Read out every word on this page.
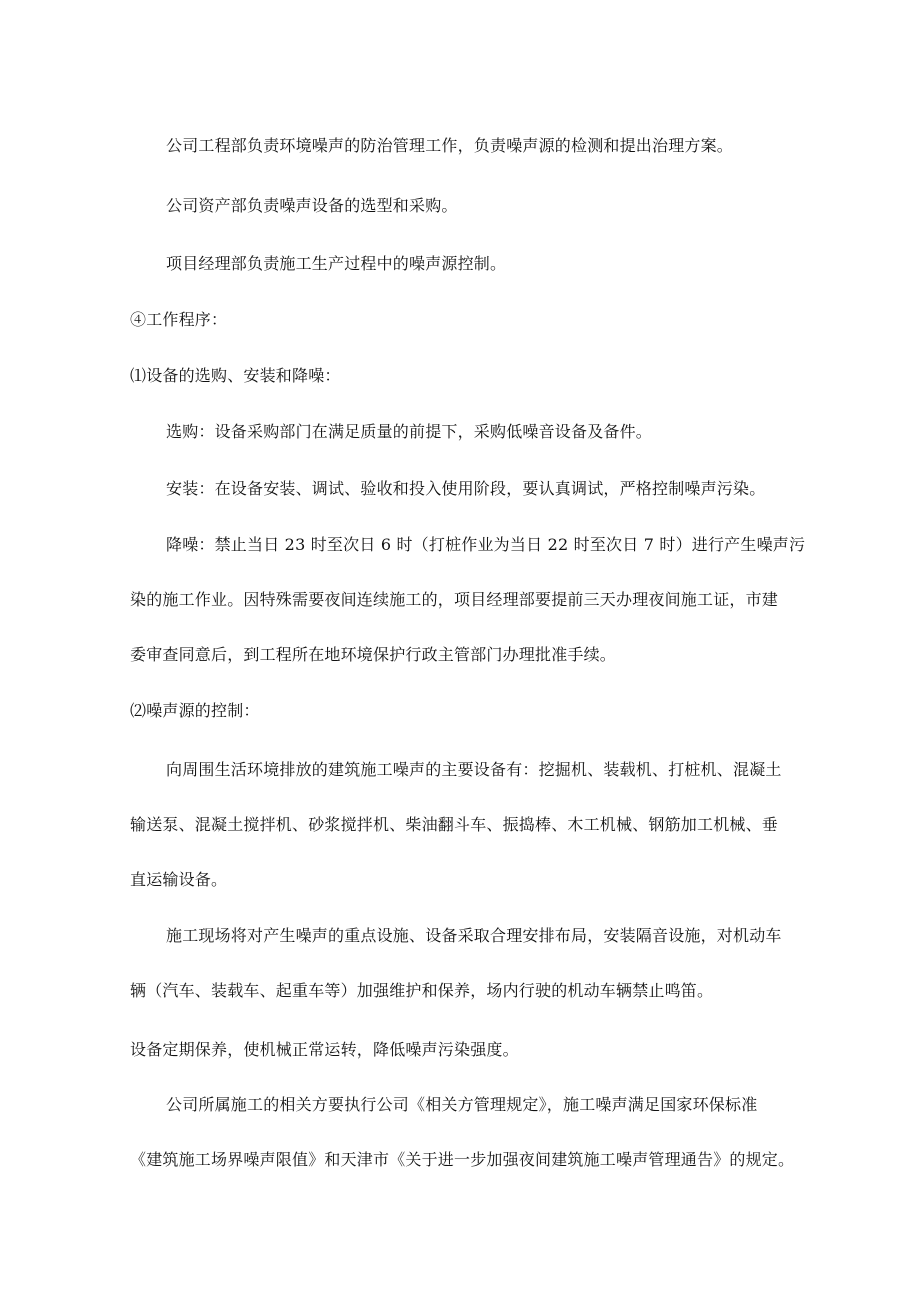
公司工程部负责环境噪声的防治管理工作，负责噪声源的检测和提出治理方案。
公司资产部负责噪声设备的选型和采购。
项目经理部负责施工生产过程中的噪声源控制。
④工作程序：
⑴设备的选购、安装和降噪：
选购：设备采购部门在满足质量的前提下，采购低噪音设备及备件。
安装：在设备安装、调试、验收和投入使用阶段，要认真调试，严格控制噪声污染。
降噪：禁止当日 23 时至次日 6 时（打桩作业为当日 22 时至次日 7 时）进行产生噪声污
染的施工作业。因特殊需要夜间连续施工的，项目经理部要提前三天办理夜间施工证，市建
委审查同意后，到工程所在地环境保护行政主管部门办理批准手续。
⑵噪声源的控制：
向周围生活环境排放的建筑施工噪声的主要设备有：挖掘机、装载机、打桩机、混凝土
输送泵、混凝土搅拌机、砂浆搅拌机、柴油翻斗车、振捣棒、木工机械、钢筋加工机械、垂
直运输设备。
施工现场将对产生噪声的重点设施、设备采取合理安排布局，安装隔音设施，对机动车
辆（汽车、装载车、起重车等）加强维护和保养，场内行驶的机动车辆禁止鸣笛。
设备定期保养，使机械正常运转，降低噪声污染强度。
公司所属施工的相关方要执行公司《相关方管理规定》，施工噪声满足国家环保标准
《建筑施工场界噪声限值》和天津市《关于进一步加强夜间建筑施工噪声管理通告》的规定。
